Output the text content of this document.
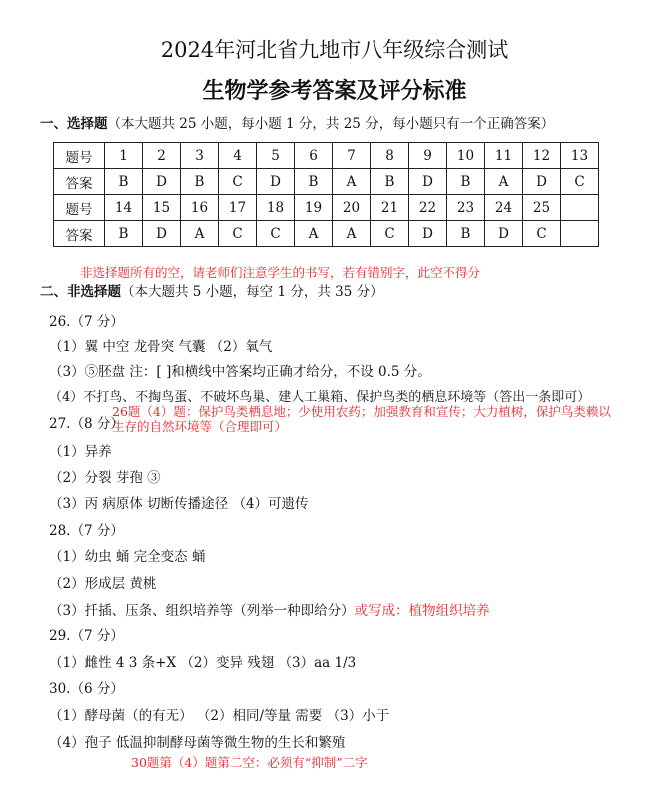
2024年河北省九地市八年级综合测试
生物学参考答案及评分标准
一、选择题（本大题共 25 小题，每小题 1 分，共 25 分，每小题只有一个正确答案）
题号	1	2	3	4	5	6	7	8	9	10	11	12	13
答案	B	D	B	C	D	B	A	B	D	B	A	D	C
题号	14	15	16	17	18	19	20	21	22	23	24	25	
答案	B	D	A	C	C	A	A	C	D	B	D	C	
非选择题所有的空，请老师们注意学生的书写，若有错别字，此空不得分
二、非选择题（本大题共 5 小题，每空 1 分，共 35 分）
26.（7 分）
（1）翼 中空 龙骨突 气囊 （2）氧气
（3）⑤胚盘 注：[ ]和横线中答案均正确才给分，不设 0.5 分。
（4）不打鸟、不掏鸟蛋、不破坏鸟巢、建人工巢箱、保护鸟类的栖息环境等（答出一条即可）
27.（8 分）
26题（4）题：保护鸟类栖息地；少使用农药；加强教育和宣传；大力植树，保护鸟类赖以生存的自然环境等（合理即可）
（1）异养
（2）分裂 芽孢 ③
（3）丙 病原体 切断传播途径 （4）可遗传
28.（7 分）
（1）幼虫 蛹 完全变态 蛹
（2）形成层 黄桃
（3）扦插、压条、组织培养等（列举一种即给分）或写成：植物组织培养
29.（7 分）
（1）雌性 4 3 条+X （2）变异 残翅 （3）aa 1/3
30.（6 分）
（1）酵母菌（的有无） （2）相同/等量 需要 （3）小于
（4）孢子 低温抑制酵母菌等微生物的生长和繁殖
30题第（4）题第二空：必须有“抑制”二字
